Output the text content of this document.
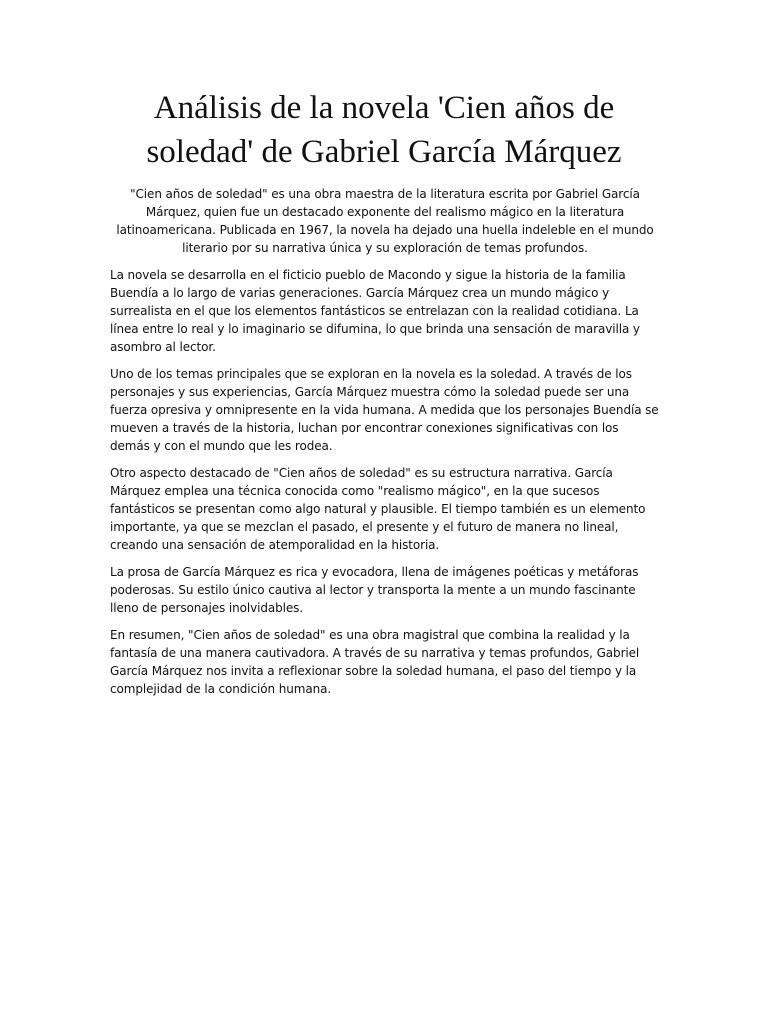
Análisis de la novela 'Cien años de soledad' de Gabriel García Márquez

"Cien años de soledad" es una obra maestra de la literatura escrita por Gabriel García Márquez, quien fue un destacado exponente del realismo mágico en la literatura latinoamericana. Publicada en 1967, la novela ha dejado una huella indeleble en el mundo literario por su narrativa única y su exploración de temas profundos.

La novela se desarrolla en el ficticio pueblo de Macondo y sigue la historia de la familia Buendía a lo largo de varias generaciones. García Márquez crea un mundo mágico y surrealista en el que los elementos fantásticos se entrelazan con la realidad cotidiana. La línea entre lo real y lo imaginario se difumina, lo que brinda una sensación de maravilla y asombro al lector.

Uno de los temas principales que se exploran en la novela es la soledad. A través de los personajes y sus experiencias, García Márquez muestra cómo la soledad puede ser una fuerza opresiva y omnipresente en la vida humana. A medida que los personajes Buendía se mueven a través de la historia, luchan por encontrar conexiones significativas con los demás y con el mundo que les rodea.

Otro aspecto destacado de "Cien años de soledad" es su estructura narrativa. García Márquez emplea una técnica conocida como "realismo mágico", en la que sucesos fantásticos se presentan como algo natural y plausible. El tiempo también es un elemento importante, ya que se mezclan el pasado, el presente y el futuro de manera no lineal, creando una sensación de atemporalidad en la historia.

La prosa de García Márquez es rica y evocadora, llena de imágenes poéticas y metáforas poderosas. Su estilo único cautiva al lector y transporta la mente a un mundo fascinante lleno de personajes inolvidables.

En resumen, "Cien años de soledad" es una obra magistral que combina la realidad y la fantasía de una manera cautivadora. A través de su narrativa y temas profundos, Gabriel García Márquez nos invita a reflexionar sobre la soledad humana, el paso del tiempo y la complejidad de la condición humana.
